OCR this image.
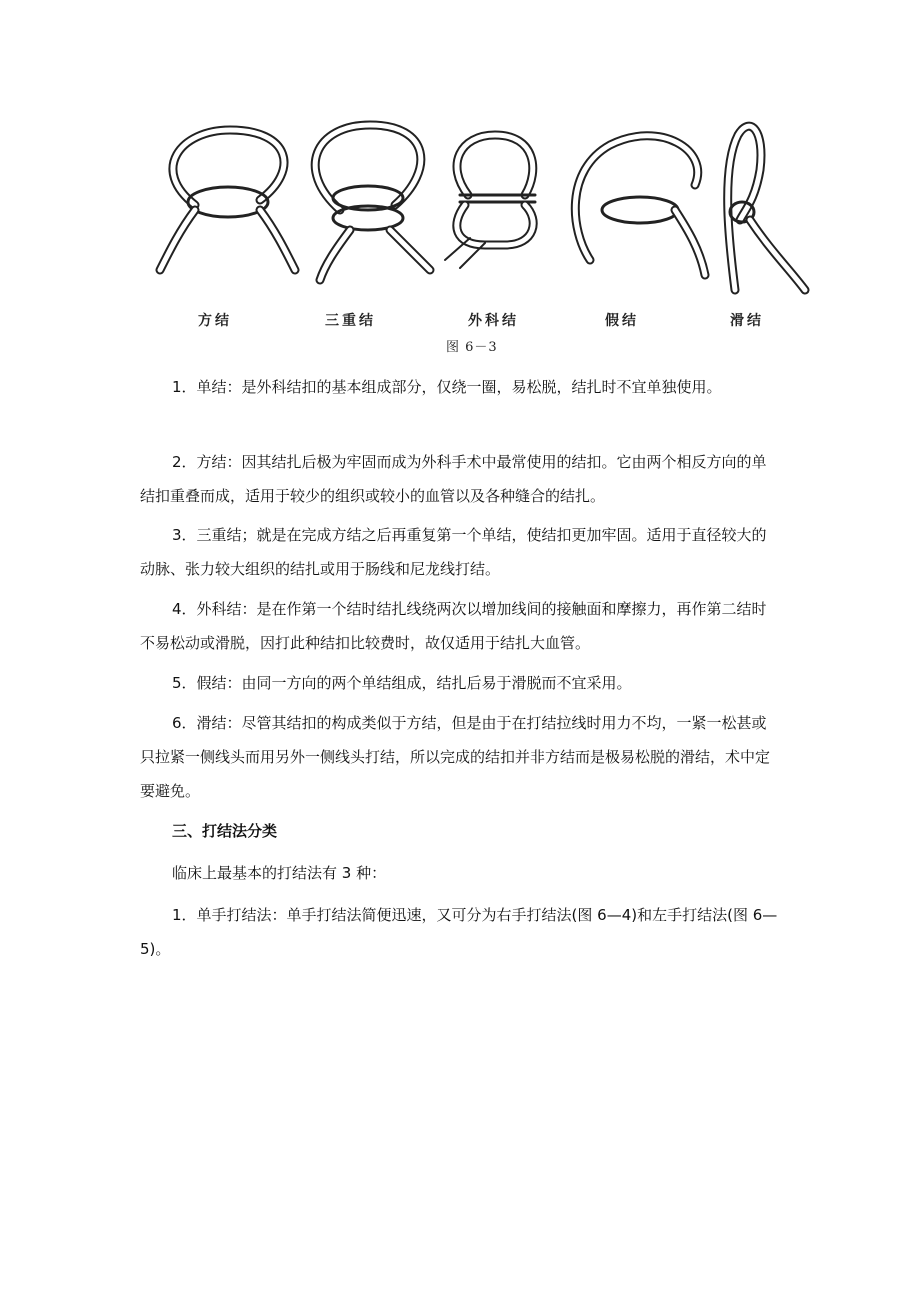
方结	三重结	外科结	假结	滑结
图 6－3

1．单结：是外科结扣的基本组成部分，仅绕一圈，易松脱，结扎时不宜单独使用。

2．方结：因其结扎后极为牢固而成为外科手术中最常使用的结扣。它由两个相反方向的单结扣重叠而成，适用于较少的组织或较小的血管以及各种缝合的结扎。

3．三重结；就是在完成方结之后再重复第一个单结，使结扣更加牢固。适用于直径较大的动脉、张力较大组织的结扎或用于肠线和尼龙线打结。

4．外科结：是在作第一个结时结扎线绕两次以增加线间的接触面和摩擦力，再作第二结时不易松动或滑脱，因打此种结扣比较费时，故仅适用于结扎大血管。

5．假结：由同一方向的两个单结组成，结扎后易于滑脱而不宜采用。

6．滑结：尽管其结扣的构成类似于方结，但是由于在打结拉线时用力不均，一紧一松甚或只拉紧一侧线头而用另外一侧线头打结，所以完成的结扣并非方结而是极易松脱的滑结，术中定要避免。

三、打结法分类

临床上最基本的打结法有 3 种：

1．单手打结法：单手打结法简便迅速，又可分为右手打结法(图 6—4)和左手打结法(图 6—5)。
